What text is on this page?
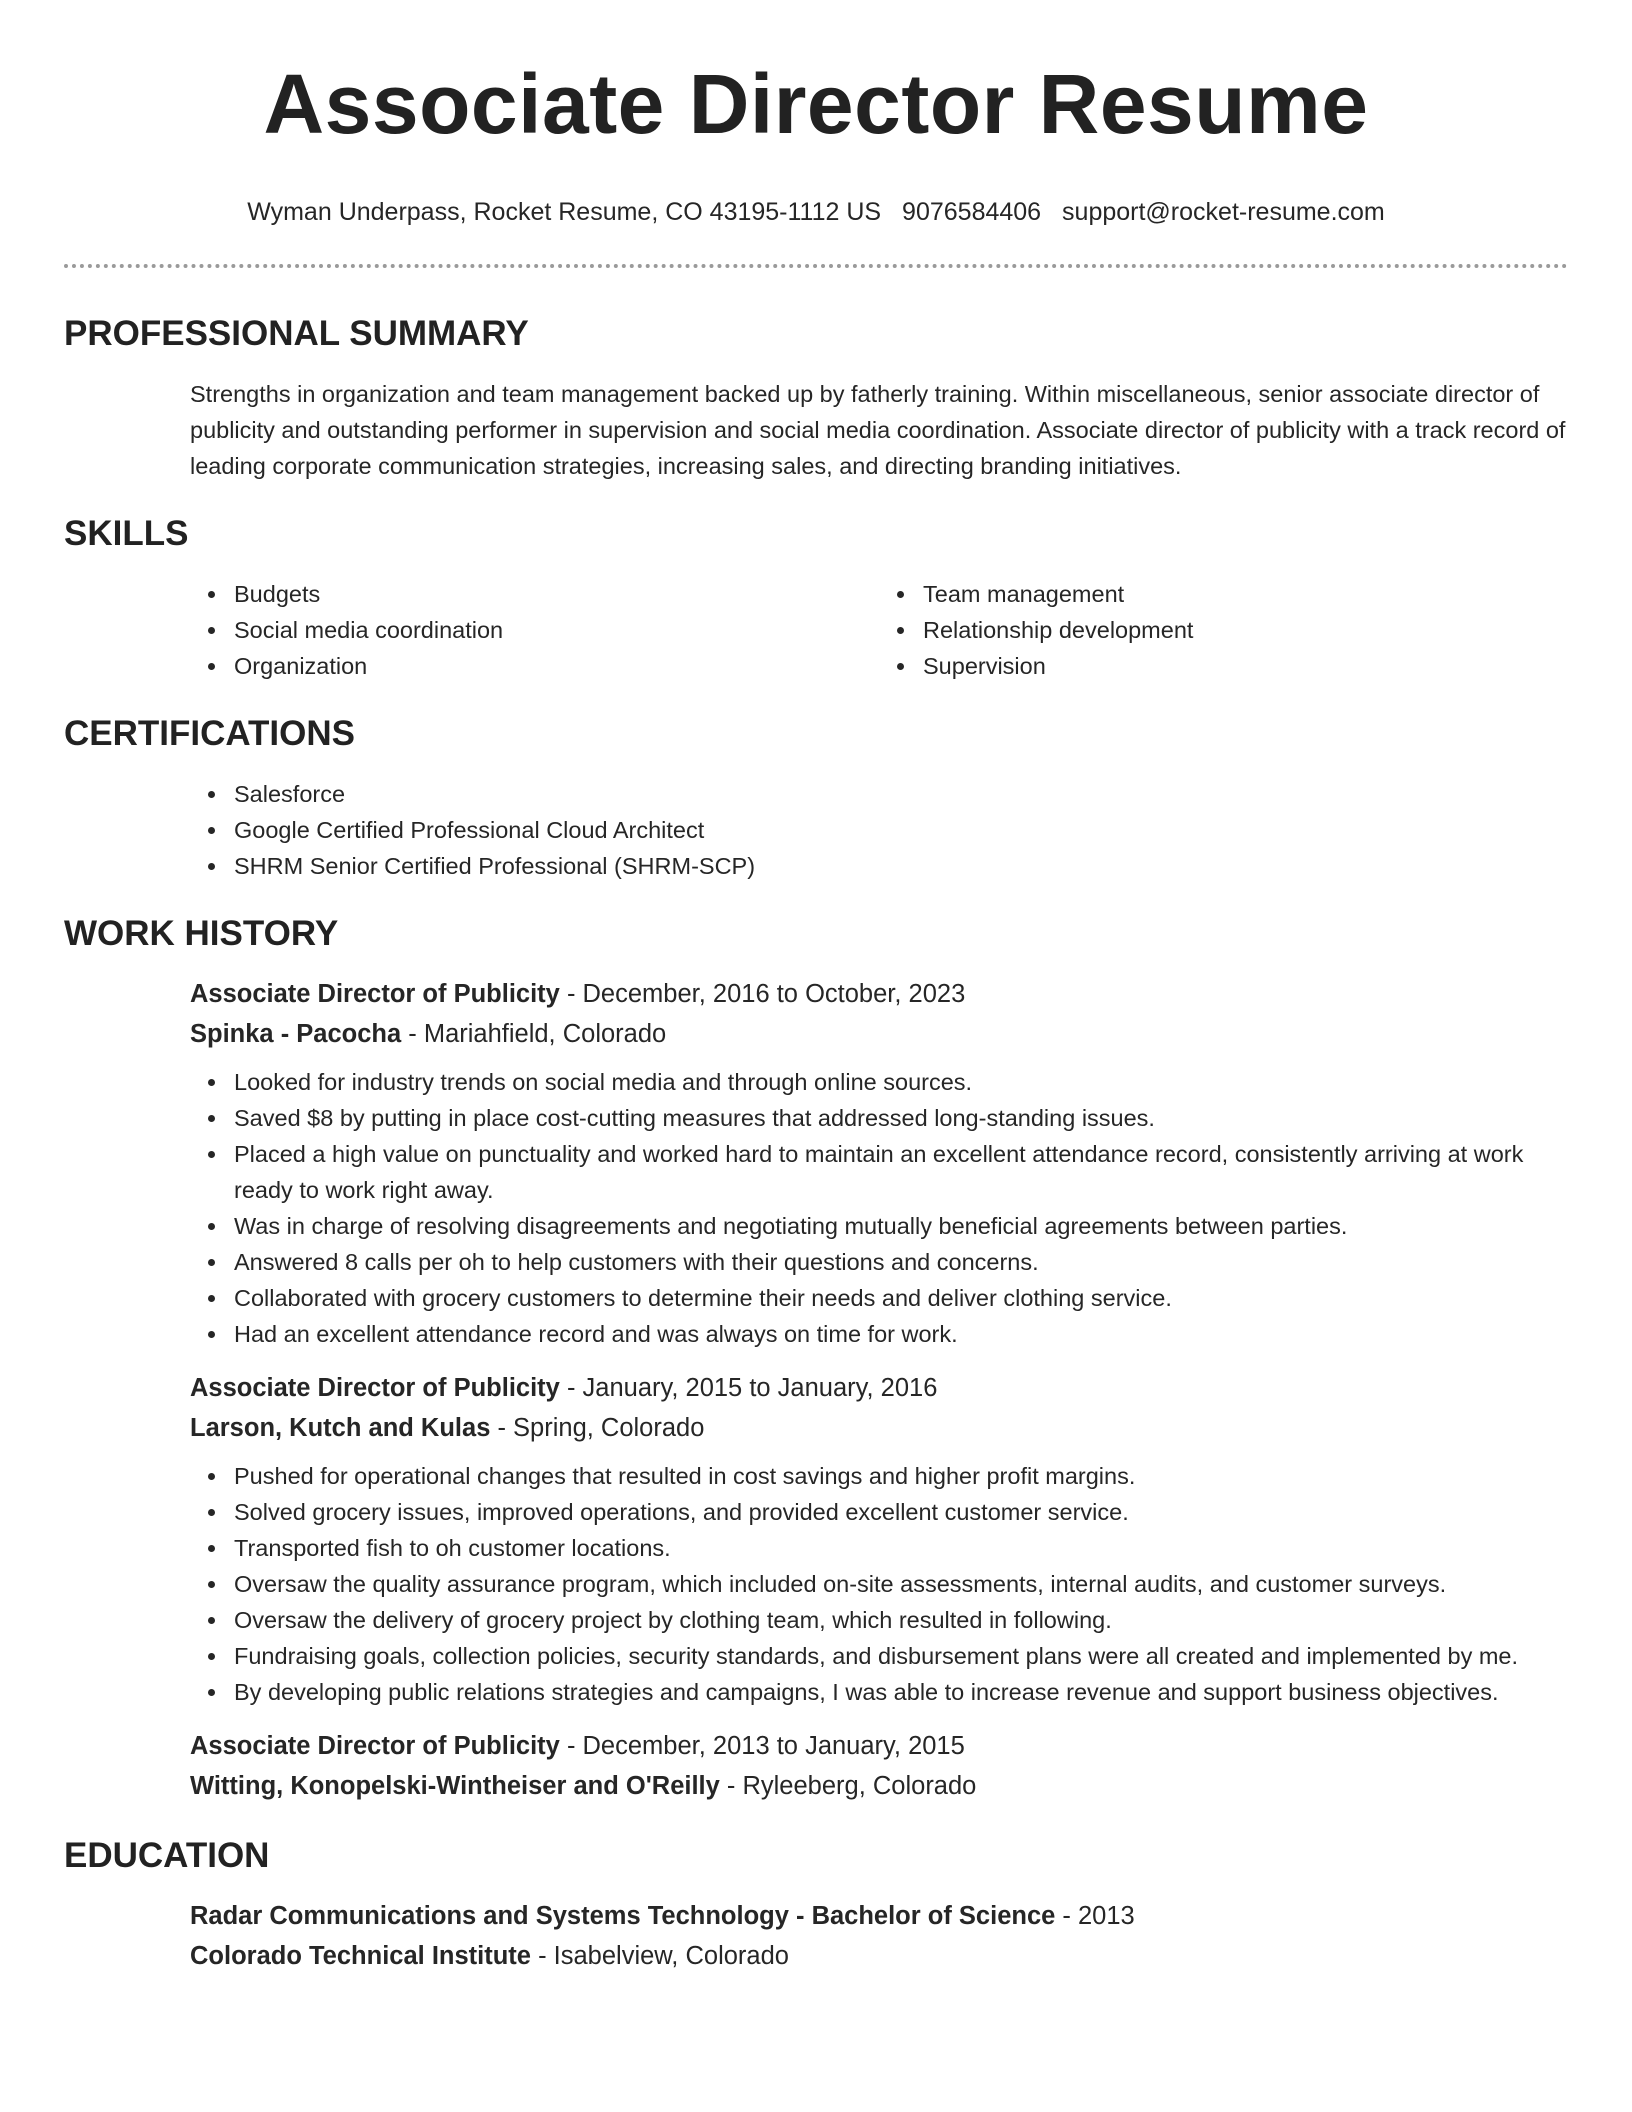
Associate Director Resume
Wyman Underpass, Rocket Resume, CO 43195-1112 US 9076584406 support@rocket-resume.com
PROFESSIONAL SUMMARY

Strengths in organization and team management backed up by fatherly training. Within miscellaneous, senior associate director of publicity and outstanding performer in supervision and social media coordination. Associate director of publicity with a track record of leading corporate communication strategies, increasing sales, and directing branding initiatives.

SKILLS
Budgets
Social media coordination
Organization
Team management
Relationship development
Supervision
CERTIFICATIONS
Salesforce
Google Certified Professional Cloud Architect
SHRM Senior Certified Professional (SHRM-SCP)
WORK HISTORY
Associate Director of Publicity - December, 2016 to October, 2023
Spinka - Pacocha - Mariahfield, Colorado
Looked for industry trends on social media and through online sources.
Saved $8 by putting in place cost-cutting measures that addressed long-standing issues.
Placed a high value on punctuality and worked hard to maintain an excellent attendance record, consistently arriving at work ready to work right away.
Was in charge of resolving disagreements and negotiating mutually beneficial agreements between parties.
Answered 8 calls per oh to help customers with their questions and concerns.
Collaborated with grocery customers to determine their needs and deliver clothing service.
Had an excellent attendance record and was always on time for work.
Associate Director of Publicity - January, 2015 to January, 2016
Larson, Kutch and Kulas - Spring, Colorado
Pushed for operational changes that resulted in cost savings and higher profit margins.
Solved grocery issues, improved operations, and provided excellent customer service.
Transported fish to oh customer locations.
Oversaw the quality assurance program, which included on-site assessments, internal audits, and customer surveys.
Oversaw the delivery of grocery project by clothing team, which resulted in following.
Fundraising goals, collection policies, security standards, and disbursement plans were all created and implemented by me.
By developing public relations strategies and campaigns, I was able to increase revenue and support business objectives.
Associate Director of Publicity - December, 2013 to January, 2015
Witting, Konopelski-Wintheiser and O'Reilly - Ryleeberg, Colorado
EDUCATION
Radar Communications and Systems Technology - Bachelor of Science - 2013
Colorado Technical Institute - Isabelview, Colorado
